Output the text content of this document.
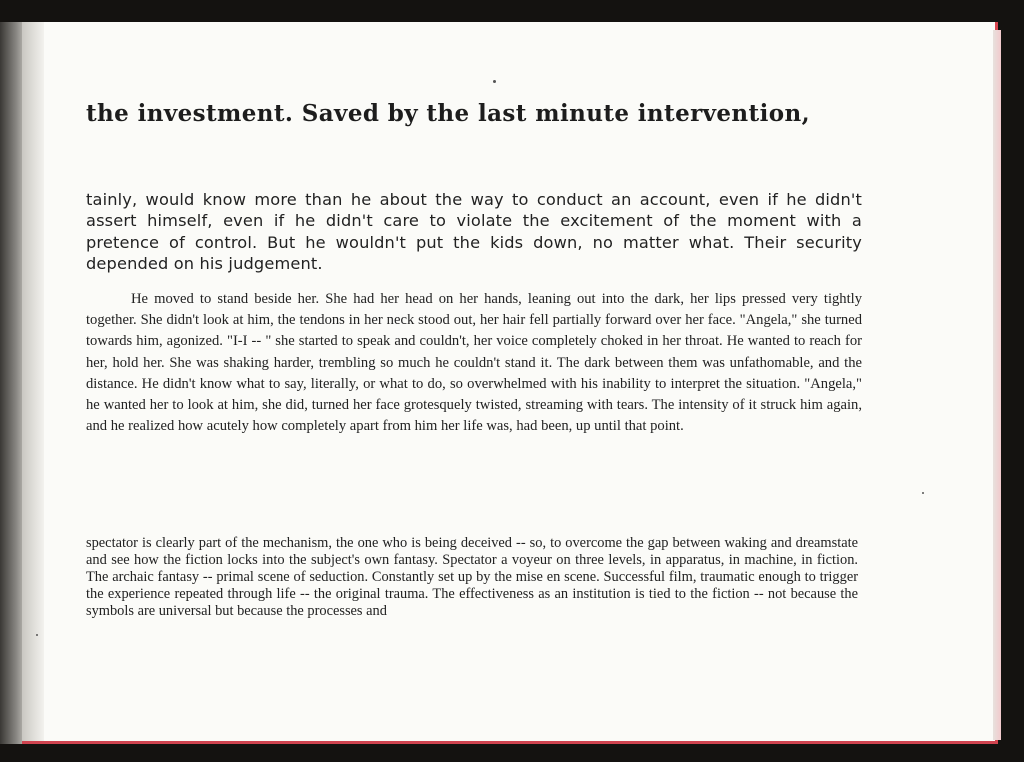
the investment. Saved by the last minute intervention,

tainly, would know more than he about the way to conduct an account, even if he didn't assert himself, even if he didn't care to violate the excitement of the moment with a pretence of control. But he wouldn't put the kids down, no matter what. Their security depended on his judgement.

He moved to stand beside her. She had her head on her hands, leaning out into the dark, her lips pressed very tightly together. She didn't look at him, the tendons in her neck stood out, her hair fell partially forward over her face. "Angela," she turned towards him, agonized. "I-I -- " she started to speak and couldn't, her voice completely choked in her throat. He wanted to reach for her, hold her. She was shaking harder, trembling so much he couldn't stand it. The dark between them was unfathomable, and the distance. He didn't know what to say, literally, or what to do, so overwhelmed with his inability to interpret the situation. "Angela," he wanted her to look at him, she did, turned her face grotesquely twisted, streaming with tears. The intensity of it struck him again, and he realized how acutely how completely apart from him her life was, had been, up until that point.

spectator is clearly part of the mechanism, the one who is being deceived -- so, to overcome the gap between waking and dreamstate and see how the fiction locks into the subject's own fantasy. Spectator a voyeur on three levels, in apparatus, in machine, in fiction. The archaic fantasy -- primal scene of seduction. Constantly set up by the mise en scene. Successful film, traumatic enough to trigger the experience repeated through life -- the original trauma. The effectiveness as an institution is tied to the fiction -- not because the symbols are universal but because the processes and
